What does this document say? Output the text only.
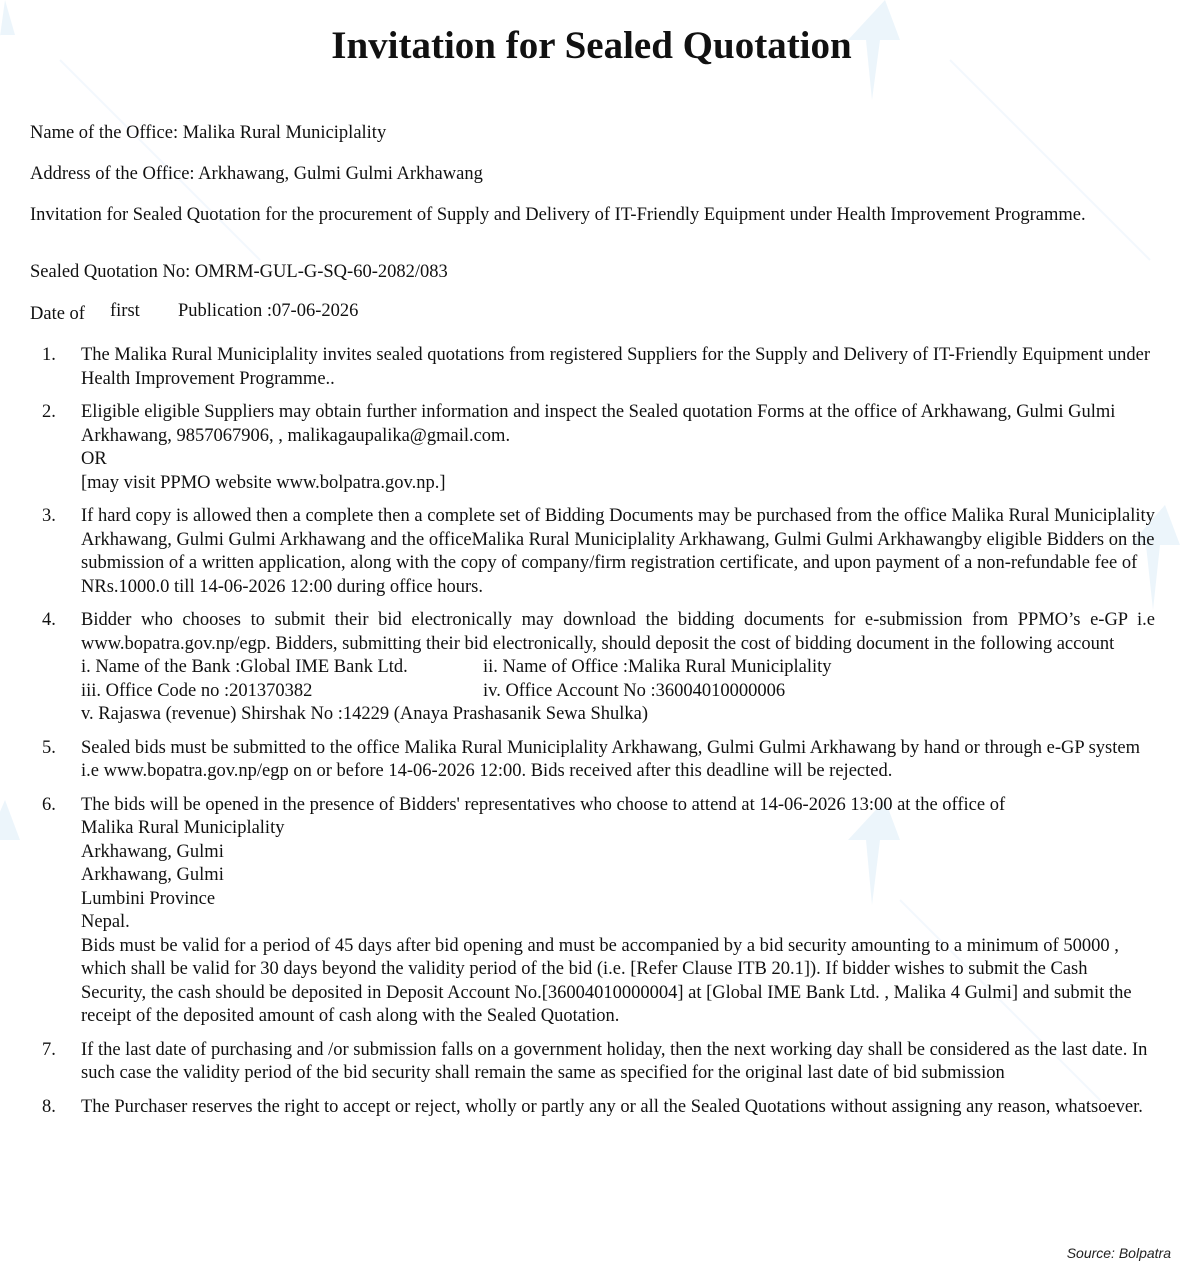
Invitation for Sealed Quotation

Name of the Office: Malika Rural Municiplality

Address of the Office: Arkhawang, Gulmi Gulmi Arkhawang

Invitation for Sealed Quotation for the procurement of Supply and Delivery of IT-Friendly Equipment under Health Improvement Programme.

Sealed Quotation No: OMRM-GUL-G-SQ-60-2082/083

Date of first Publication :07-06-2026

1. The Malika Rural Municiplality invites sealed quotations from registered Suppliers for the Supply and Delivery of IT-Friendly Equipment under Health Improvement Programme..
2. Eligible eligible Suppliers may obtain further information and inspect the Sealed quotation Forms at the office of Arkhawang, Gulmi Gulmi Arkhawang, 9857067906, , malikagaupalika@gmail.com.
OR
[may visit PPMO website www.bolpatra.gov.np.]
3. If hard copy is allowed then a complete then a complete set of Bidding Documents may be purchased from the office Malika Rural Municiplality Arkhawang, Gulmi Gulmi Arkhawang and the officeMalika Rural Municiplality Arkhawang, Gulmi Gulmi Arkhawangby eligible Bidders on the submission of a written application, along with the copy of company/firm registration certificate, and upon payment of a non-refundable fee of NRs.1000.0 till 14-06-2026 12:00 during office hours.
4. Bidder who chooses to submit their bid electronically may download the bidding documents for e-submission from PPMO’s e-GP i.e www.bopatra.gov.np/egp. Bidders, submitting their bid electronically, should deposit the cost of bidding document in the following account
i. Name of the Bank :Global IME Bank Ltd.	ii. Name of Office :Malika Rural Municiplality
iii. Office Code no :201370382	iv. Office Account No :36004010000006
v. Rajaswa (revenue) Shirshak No :14229 (Anaya Prashasanik Sewa Shulka)
5. Sealed bids must be submitted to the office Malika Rural Municiplality Arkhawang, Gulmi Gulmi Arkhawang by hand or through e-GP system i.e www.bopatra.gov.np/egp on or before 14-06-2026 12:00. Bids received after this deadline will be rejected.
6. The bids will be opened in the presence of Bidders' representatives who choose to attend at 14-06-2026 13:00 at the office of
Malika Rural Municiplality
Arkhawang, Gulmi
Arkhawang, Gulmi
Lumbini Province
Nepal.
Bids must be valid for a period of 45 days after bid opening and must be accompanied by a bid security amounting to a minimum of 50000 , which shall be valid for 30 days beyond the validity period of the bid (i.e. [Refer Clause ITB 20.1]). If bidder wishes to submit the Cash Security, the cash should be deposited in Deposit Account No.[36004010000004] at [Global IME Bank Ltd. , Malika 4 Gulmi] and submit the receipt of the deposited amount of cash along with the Sealed Quotation.
7. If the last date of purchasing and /or submission falls on a government holiday, then the next working day shall be considered as the last date. In such case the validity period of the bid security shall remain the same as specified for the original last date of bid submission
8. The Purchaser reserves the right to accept or reject, wholly or partly any or all the Sealed Quotations without assigning any reason, whatsoever.
Source: Bolpatra
